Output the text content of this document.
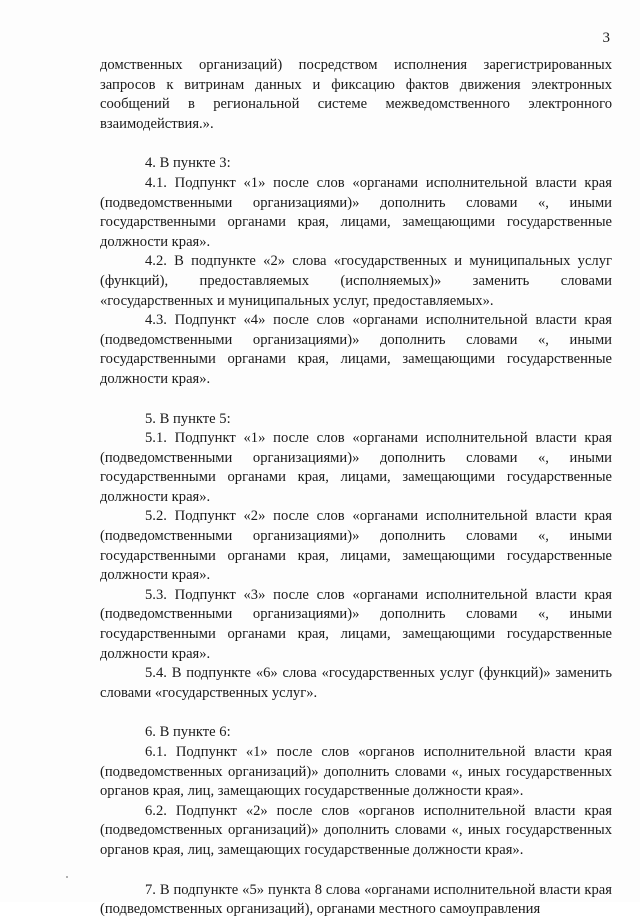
3

домственных организаций) посредством исполнения зарегистрированных запросов к витринам данных и фиксацию фактов движения электронных сообщений в региональной системе межведомственного электронного взаимодействия.».

4. В пункте 3:

4.1. Подпункт «1» после слов «органами исполнительной власти края (подведомственными организациями)» дополнить словами «, иными государственными органами края, лицами, замещающими государственные должности края».

4.2. В подпункте «2» слова «государственных и муниципальных услуг (функций), предоставляемых (исполняемых)» заменить словами «государственных и муниципальных услуг, предоставляемых».

4.3. Подпункт «4» после слов «органами исполнительной власти края (подведомственными организациями)» дополнить словами «, иными государственными органами края, лицами, замещающими государственные должности края».

5. В пункте 5:

5.1. Подпункт «1» после слов «органами исполнительной власти края (подведомственными организациями)» дополнить словами «, иными государственными органами края, лицами, замещающими государственные должности края».

5.2. Подпункт «2» после слов «органами исполнительной власти края (подведомственными организациями)» дополнить словами «, иными государственными органами края, лицами, замещающими государственные должности края».

5.3. Подпункт «3» после слов «органами исполнительной власти края (подведомственными организациями)» дополнить словами «, иными государственными органами края, лицами, замещающими государственные должности края».

5.4. В подпункте «6» слова «государственных услуг (функций)» заменить словами «государственных услуг».

6. В пункте 6:

6.1. Подпункт «1» после слов «органов исполнительной власти края (подведомственных организаций)» дополнить словами «, иных государственных органов края, лиц, замещающих государственные должности края».

6.2. Подпункт «2» после слов «органов исполнительной власти края (подведомственных организаций)» дополнить словами «, иных государственных органов края, лиц, замещающих государственные должности края».

7. В подпункте «5» пункта 8 слова «органами исполнительной власти края (подведомственных организаций), органами местного самоуправления
